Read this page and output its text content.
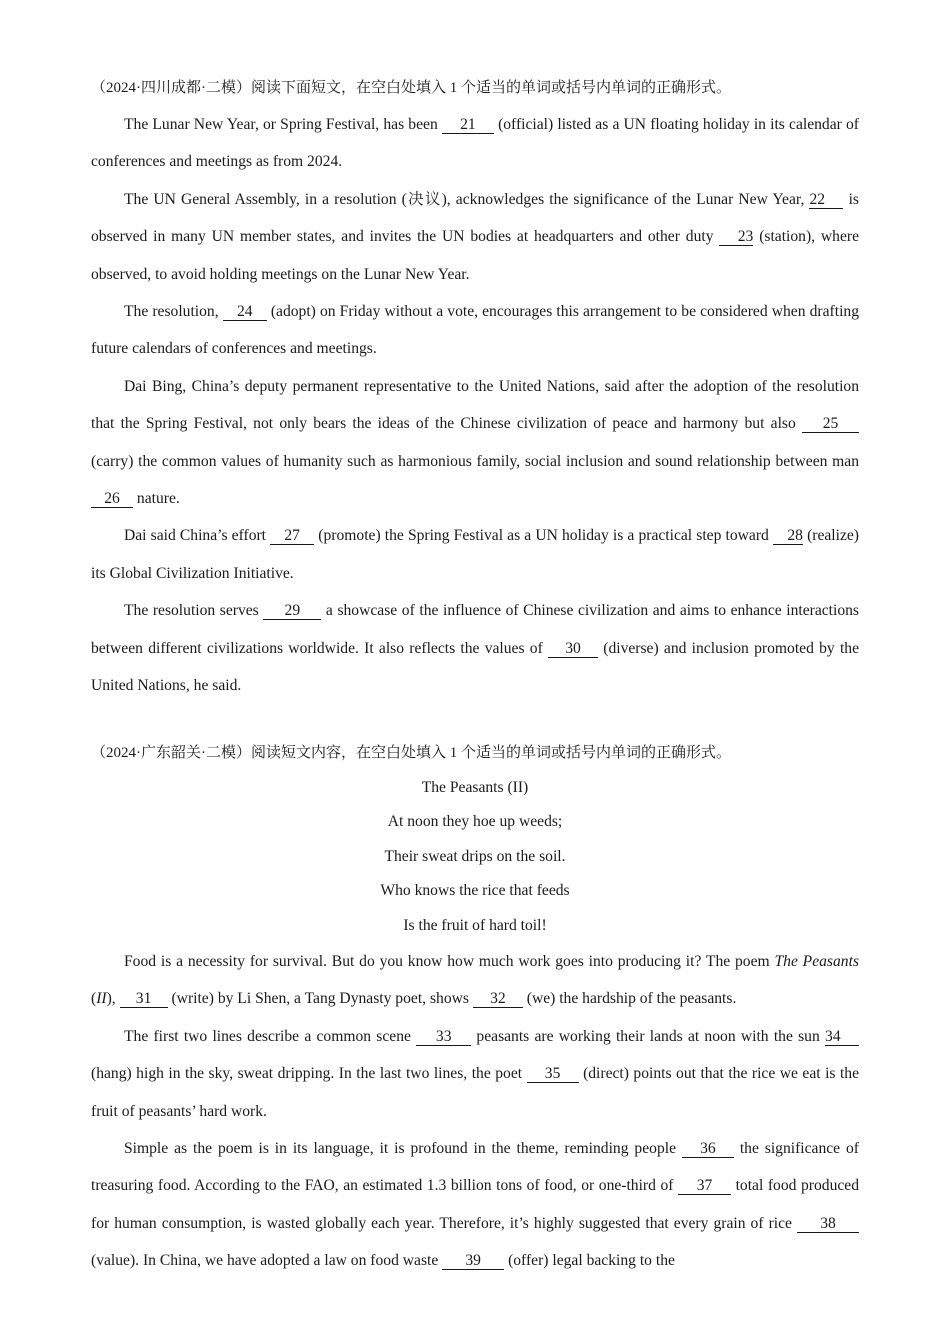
（2024·四川成都·二模）阅读下面短文，在空白处填入 1 个适当的单词或括号内单词的正确形式。

The Lunar New Year, or Spring Festival, has been 21 (official) listed as a UN floating holiday in its calendar of conferences and meetings as from 2024.

The UN General Assembly, in a resolution (决议), acknowledges the significance of the Lunar New Year, 22 is observed in many UN member states, and invites the UN bodies at headquarters and other duty 23 (station), where observed, to avoid holding meetings on the Lunar New Year.

The resolution, 24 (adopt) on Friday without a vote, encourages this arrangement to be considered when drafting future calendars of conferences and meetings.

Dai Bing, China’s deputy permanent representative to the United Nations, said after the adoption of the resolution that the Spring Festival, not only bears the ideas of the Chinese civilization of peace and harmony but also 25 (carry) the common values of humanity such as harmonious family, social inclusion and sound relationship between man 26 nature.

Dai said China’s effort 27 (promote) the Spring Festival as a UN holiday is a practical step toward 28 (realize) its Global Civilization Initiative.

The resolution serves 29 a showcase of the influence of Chinese civilization and aims to enhance interactions between different civilizations worldwide. It also reflects the values of 30 (diverse) and inclusion promoted by the United Nations, he said.

（2024·广东韶关·二模）阅读短文内容，在空白处填入 1 个适当的单词或括号内单词的正确形式。

The Peasants (II)

At noon they hoe up weeds;

Their sweat drips on the soil.

Who knows the rice that feeds

Is the fruit of hard toil!

Food is a necessity for survival. But do you know how much work goes into producing it? The poem The Peasants (II), 31 (write) by Li Shen, a Tang Dynasty poet, shows 32 (we) the hardship of the peasants.

The first two lines describe a common scene 33 peasants are working their lands at noon with the sun 34 (hang) high in the sky, sweat dripping. In the last two lines, the poet 35 (direct) points out that the rice we eat is the fruit of peasants’ hard work.

Simple as the poem is in its language, it is profound in the theme, reminding people 36 the significance of treasuring food. According to the FAO, an estimated 1.3 billion tons of food, or one-third of 37 total food produced for human consumption, is wasted globally each year. Therefore, it’s highly suggested that every grain of rice 38 (value). In China, we have adopted a law on food waste 39 (offer) legal backing to the
